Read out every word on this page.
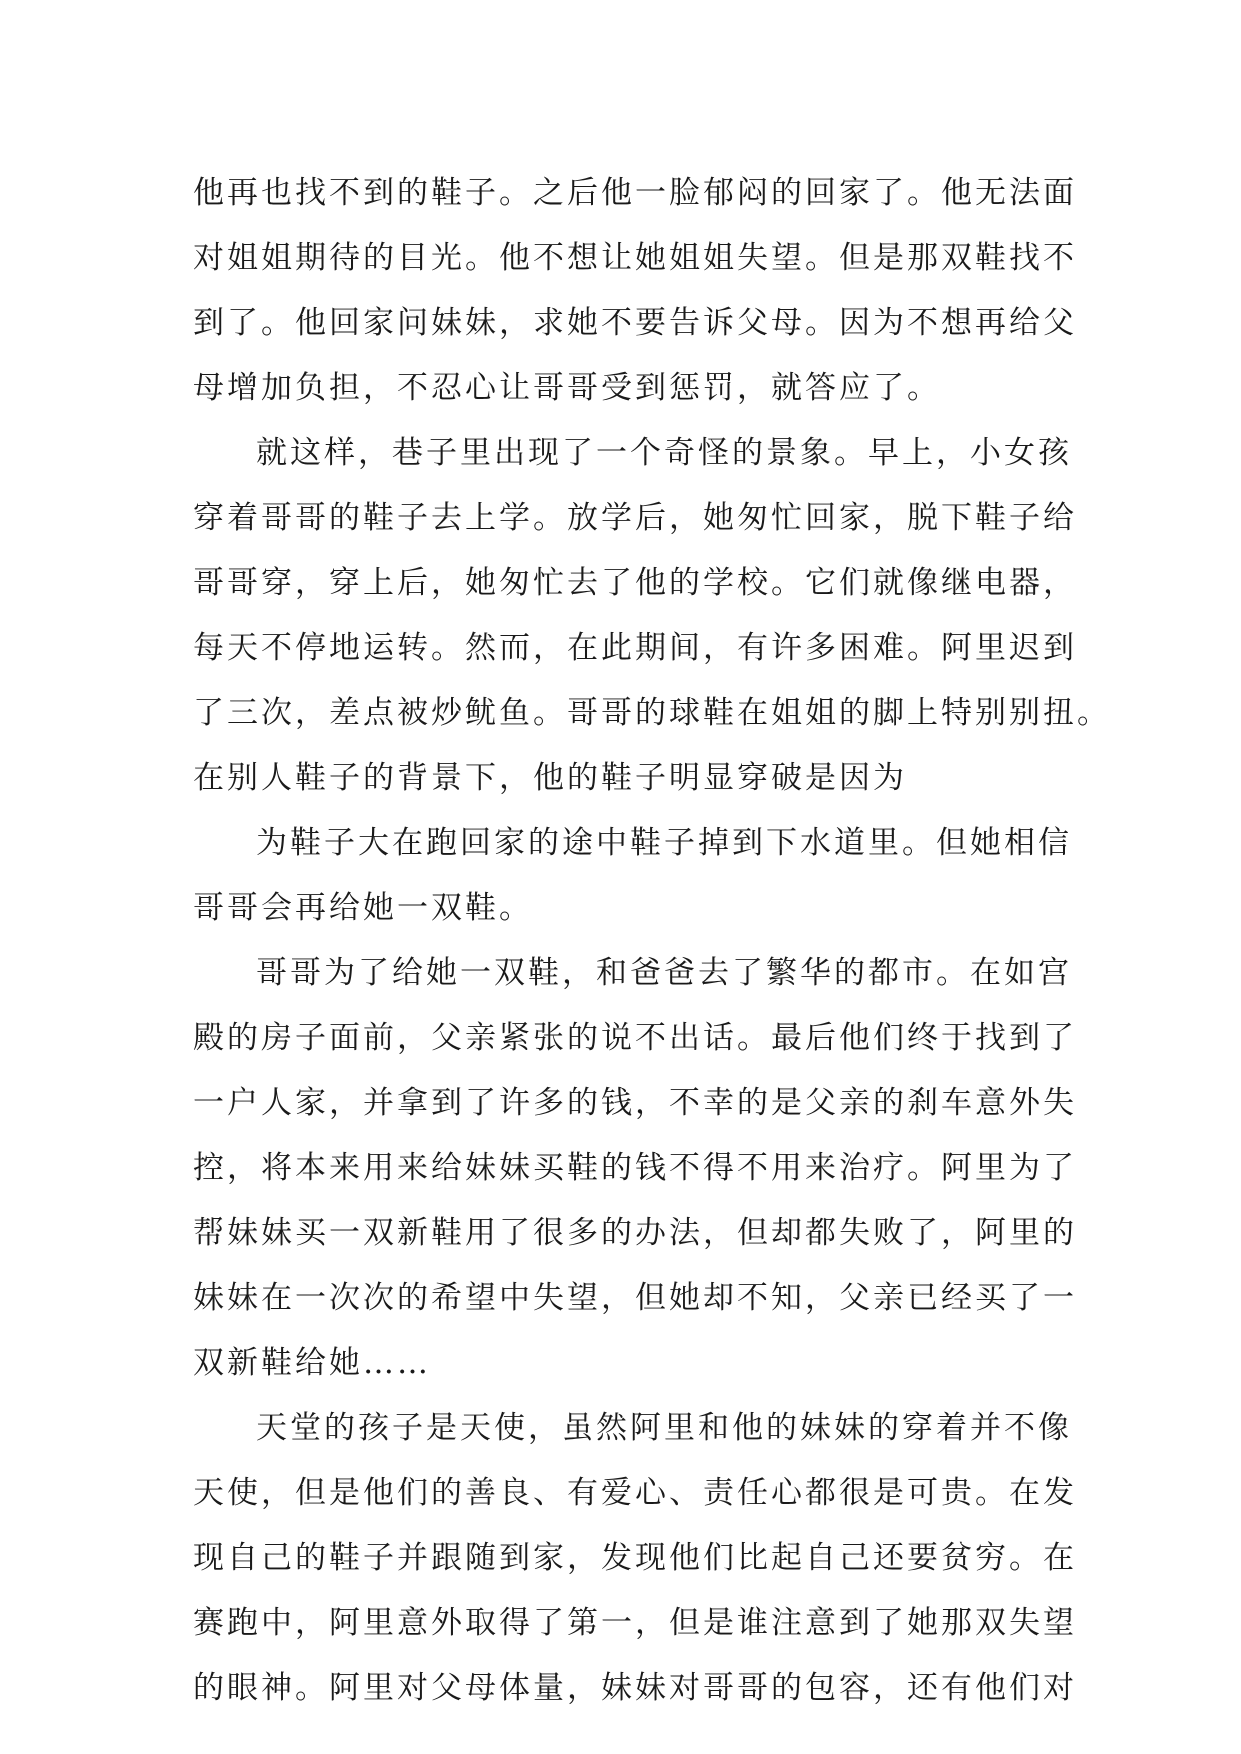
他再也找不到的鞋子。之后他一脸郁闷的回家了。他无法面
对姐姐期待的目光。他不想让她姐姐失望。但是那双鞋找不
到了。他回家问妹妹，求她不要告诉父母。因为不想再给父
母增加负担，不忍心让哥哥受到惩罚，就答应了。
就这样，巷子里出现了一个奇怪的景象。早上，小女孩
穿着哥哥的鞋子去上学。放学后，她匆忙回家，脱下鞋子给
哥哥穿，穿上后，她匆忙去了他的学校。它们就像继电器，
每天不停地运转。然而，在此期间，有许多困难。阿里迟到
了三次，差点被炒鱿鱼。哥哥的球鞋在姐姐的脚上特别别扭。
在别人鞋子的背景下，他的鞋子明显穿破是因为
为鞋子大在跑回家的途中鞋子掉到下水道里。但她相信
哥哥会再给她一双鞋。
哥哥为了给她一双鞋，和爸爸去了繁华的都市。在如宫
殿的房子面前，父亲紧张的说不出话。最后他们终于找到了
一户人家，并拿到了许多的钱，不幸的是父亲的刹车意外失
控，将本来用来给妹妹买鞋的钱不得不用来治疗。阿里为了
帮妹妹买一双新鞋用了很多的办法，但却都失败了，阿里的
妹妹在一次次的希望中失望，但她却不知，父亲已经买了一
双新鞋给她……
天堂的孩子是天使，虽然阿里和他的妹妹的穿着并不像
天使，但是他们的善良、有爱心、责任心都很是可贵。在发
现自己的鞋子并跟随到家，发现他们比起自己还要贫穷。在
赛跑中，阿里意外取得了第一，但是谁注意到了她那双失望
的眼神。阿里对父母体量，妹妹对哥哥的包容，还有他们对
